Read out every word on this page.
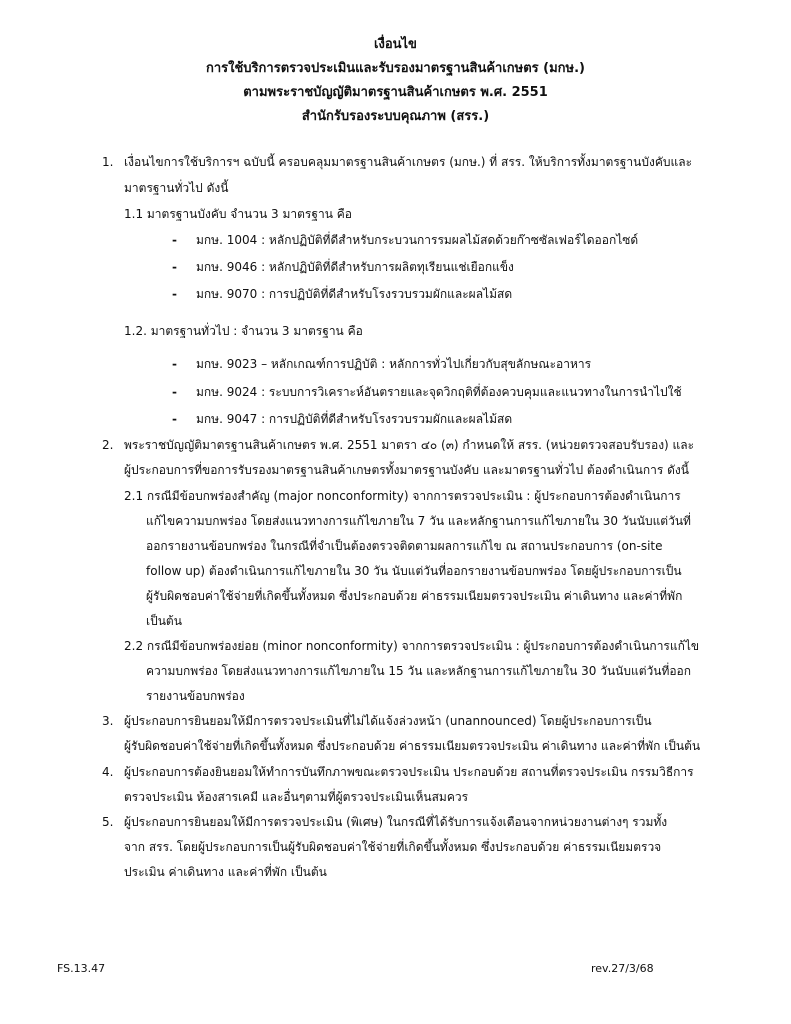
เงื่อนไข
การใช้บริการตรวจประเมินและรับรองมาตรฐานสินค้าเกษตร (มกษ.)
ตามพระราชบัญญัติมาตรฐานสินค้าเกษตร พ.ศ. 2551
สำนักรับรองระบบคุณภาพ (สรร.)
1. เงื่อนไขการใช้บริการฯ ฉบับนี้ ครอบคลุมมาตรฐานสินค้าเกษตร (มกษ.) ที่ สรร. ให้บริการทั้งมาตรฐานบังคับและ
มาตรฐานทั่วไป ดังนี้
1.1 มาตรฐานบังคับ จำนวน 3 มาตรฐาน คือ
- มกษ. 1004 : หลักปฏิบัติที่ดีสำหรับกระบวนการรมผลไม้สดด้วยก๊าซซัลเฟอร์ไดออกไซด์
- มกษ. 9046 : หลักปฏิบัติที่ดีสำหรับการผลิตทุเรียนแช่เยือกแข็ง
- มกษ. 9070 : การปฏิบัติที่ดีสำหรับโรงรวบรวมผักและผลไม้สด
1.2. มาตรฐานทั่วไป : จำนวน 3 มาตรฐาน คือ
- มกษ. 9023 – หลักเกณฑ์การปฏิบัติ : หลักการทั่วไปเกี่ยวกับสุขลักษณะอาหาร
- มกษ. 9024 : ระบบการวิเคราะห์อันตรายและจุดวิกฤติที่ต้องควบคุมและแนวทางในการนำไปใช้
- มกษ. 9047 : การปฏิบัติที่ดีสำหรับโรงรวบรวมผักและผลไม้สด
2. พระราชบัญญัติมาตรฐานสินค้าเกษตร พ.ศ. 2551 มาตรา ๔๐ (๓) กำหนดให้ สรร. (หน่วยตรวจสอบรับรอง) และ
ผู้ประกอบการที่ขอการรับรองมาตรฐานสินค้าเกษตรทั้งมาตรฐานบังคับ และมาตรฐานทั่วไป ต้องดำเนินการ ดังนี้
2.1 กรณีมีข้อบกพร่องสำคัญ (major nonconformity) จากการตรวจประเมิน : ผู้ประกอบการต้องดำเนินการ
แก้ไขความบกพร่อง โดยส่งแนวทางการแก้ไขภายใน 7 วัน และหลักฐานการแก้ไขภายใน 30 วันนับแต่วันที่
ออกรายงานข้อบกพร่อง ในกรณีที่จำเป็นต้องตรวจติดตามผลการแก้ไข ณ สถานประกอบการ (on-site
follow up) ต้องดำเนินการแก้ไขภายใน 30 วัน นับแต่วันที่ออกรายงานข้อบกพร่อง โดยผู้ประกอบการเป็น
ผู้รับผิดชอบค่าใช้จ่ายที่เกิดขึ้นทั้งหมด ซึ่งประกอบด้วย ค่าธรรมเนียมตรวจประเมิน ค่าเดินทาง และค่าที่พัก
เป็นต้น
2.2 กรณีมีข้อบกพร่องย่อย (minor nonconformity) จากการตรวจประเมิน : ผู้ประกอบการต้องดำเนินการแก้ไข
ความบกพร่อง โดยส่งแนวทางการแก้ไขภายใน 15 วัน และหลักฐานการแก้ไขภายใน 30 วันนับแต่วันที่ออก
รายงานข้อบกพร่อง
3. ผู้ประกอบการยินยอมให้มีการตรวจประเมินที่ไม่ได้แจ้งล่วงหน้า (unannounced) โดยผู้ประกอบการเป็น
ผู้รับผิดชอบค่าใช้จ่ายที่เกิดขึ้นทั้งหมด ซึ่งประกอบด้วย ค่าธรรมเนียมตรวจประเมิน ค่าเดินทาง และค่าที่พัก เป็นต้น
4. ผู้ประกอบการต้องยินยอมให้ทำการบันทึกภาพขณะตรวจประเมิน ประกอบด้วย สถานที่ตรวจประเมิน กรรมวิธีการ
ตรวจประเมิน ห้องสารเคมี และอื่นๆตามที่ผู้ตรวจประเมินเห็นสมควร
5. ผู้ประกอบการยินยอมให้มีการตรวจประเมิน (พิเศษ) ในกรณีที่ได้รับการแจ้งเตือนจากหน่วยงานต่างๆ รวมทั้ง
จาก สรร. โดยผู้ประกอบการเป็นผู้รับผิดชอบค่าใช้จ่ายที่เกิดขึ้นทั้งหมด ซึ่งประกอบด้วย ค่าธรรมเนียมตรวจ
ประเมิน ค่าเดินทาง และค่าที่พัก เป็นต้น
FS.13.47	rev.27/3/68
